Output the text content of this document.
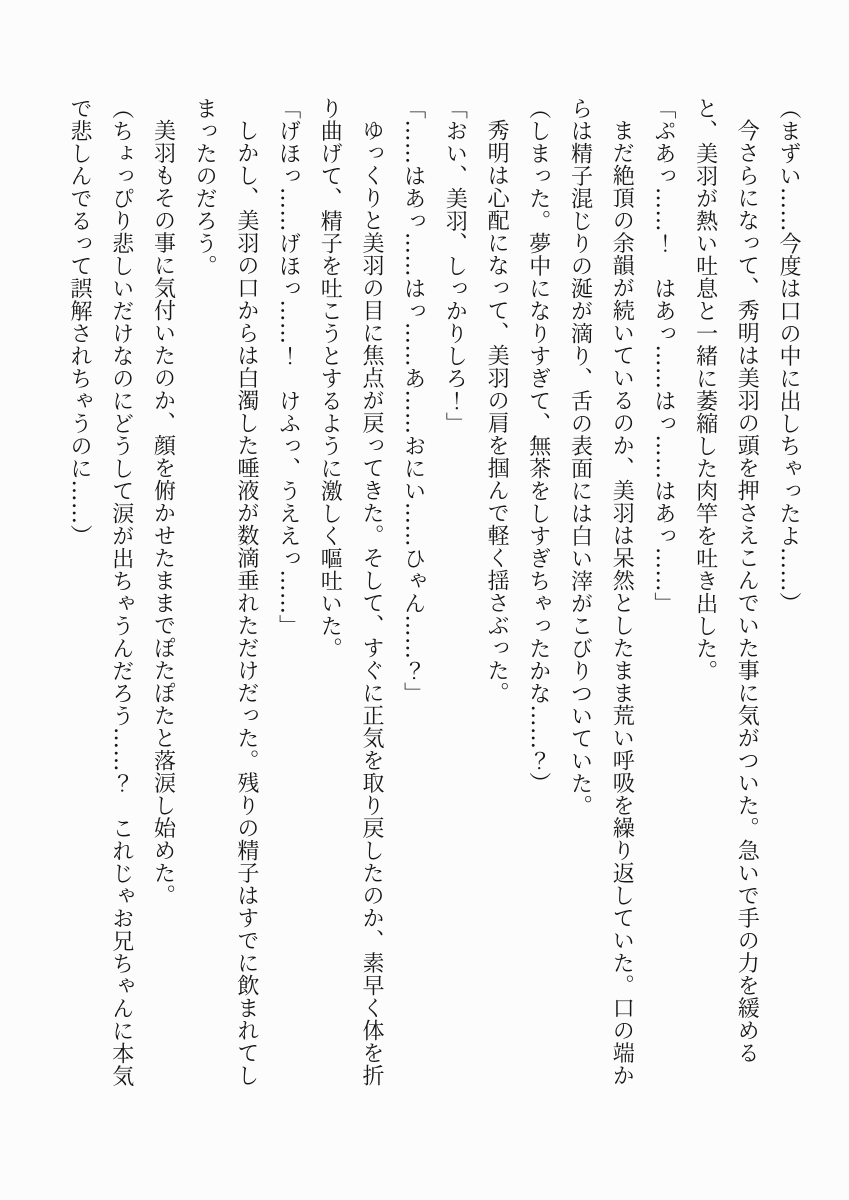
（まずい……今度は口の中に出しちゃったよ……）

今さらになって、秀明は美羽の頭を押さえこんでいた事に気がついた。急いで手の力を緩めると、美羽が熱い吐息と一緒に萎縮した肉竿を吐き出した。

「ぷあっ……！　はあっ……はっ……はあっ……」

まだ絶頂の余韻が続いているのか、美羽は呆然としたまま荒い呼吸を繰り返していた。口の端からは精子混じりの涎が滴り、舌の表面には白い滓がこびりついていた。

（しまった。夢中になりすぎて、無茶をしすぎちゃったかな……？）

秀明は心配になって、美羽の肩を掴んで軽く揺さぶった。

「おい、美羽、しっかりしろ！」

「……はあっ……はっ……あ……おにい……ひゃん……？」

ゆっくりと美羽の目に焦点が戻ってきた。そして、すぐに正気を取り戻したのか、素早く体を折り曲げて、精子を吐こうとするように激しく嘔吐いた。

「げほっ……げほっ……！　けふっ、うええっ……」

しかし、美羽の口からは白濁した唾液が数滴垂れただけだった。残りの精子はすでに飲まれてしまったのだろう。

美羽もその事に気付いたのか、顔を俯かせたままでぽたぽたと落涙し始めた。

（ちょっぴり悲しいだけなのにどうして涙が出ちゃうんだろう……？　これじゃお兄ちゃんに本気で悲しんでるって誤解されちゃうのに……）
